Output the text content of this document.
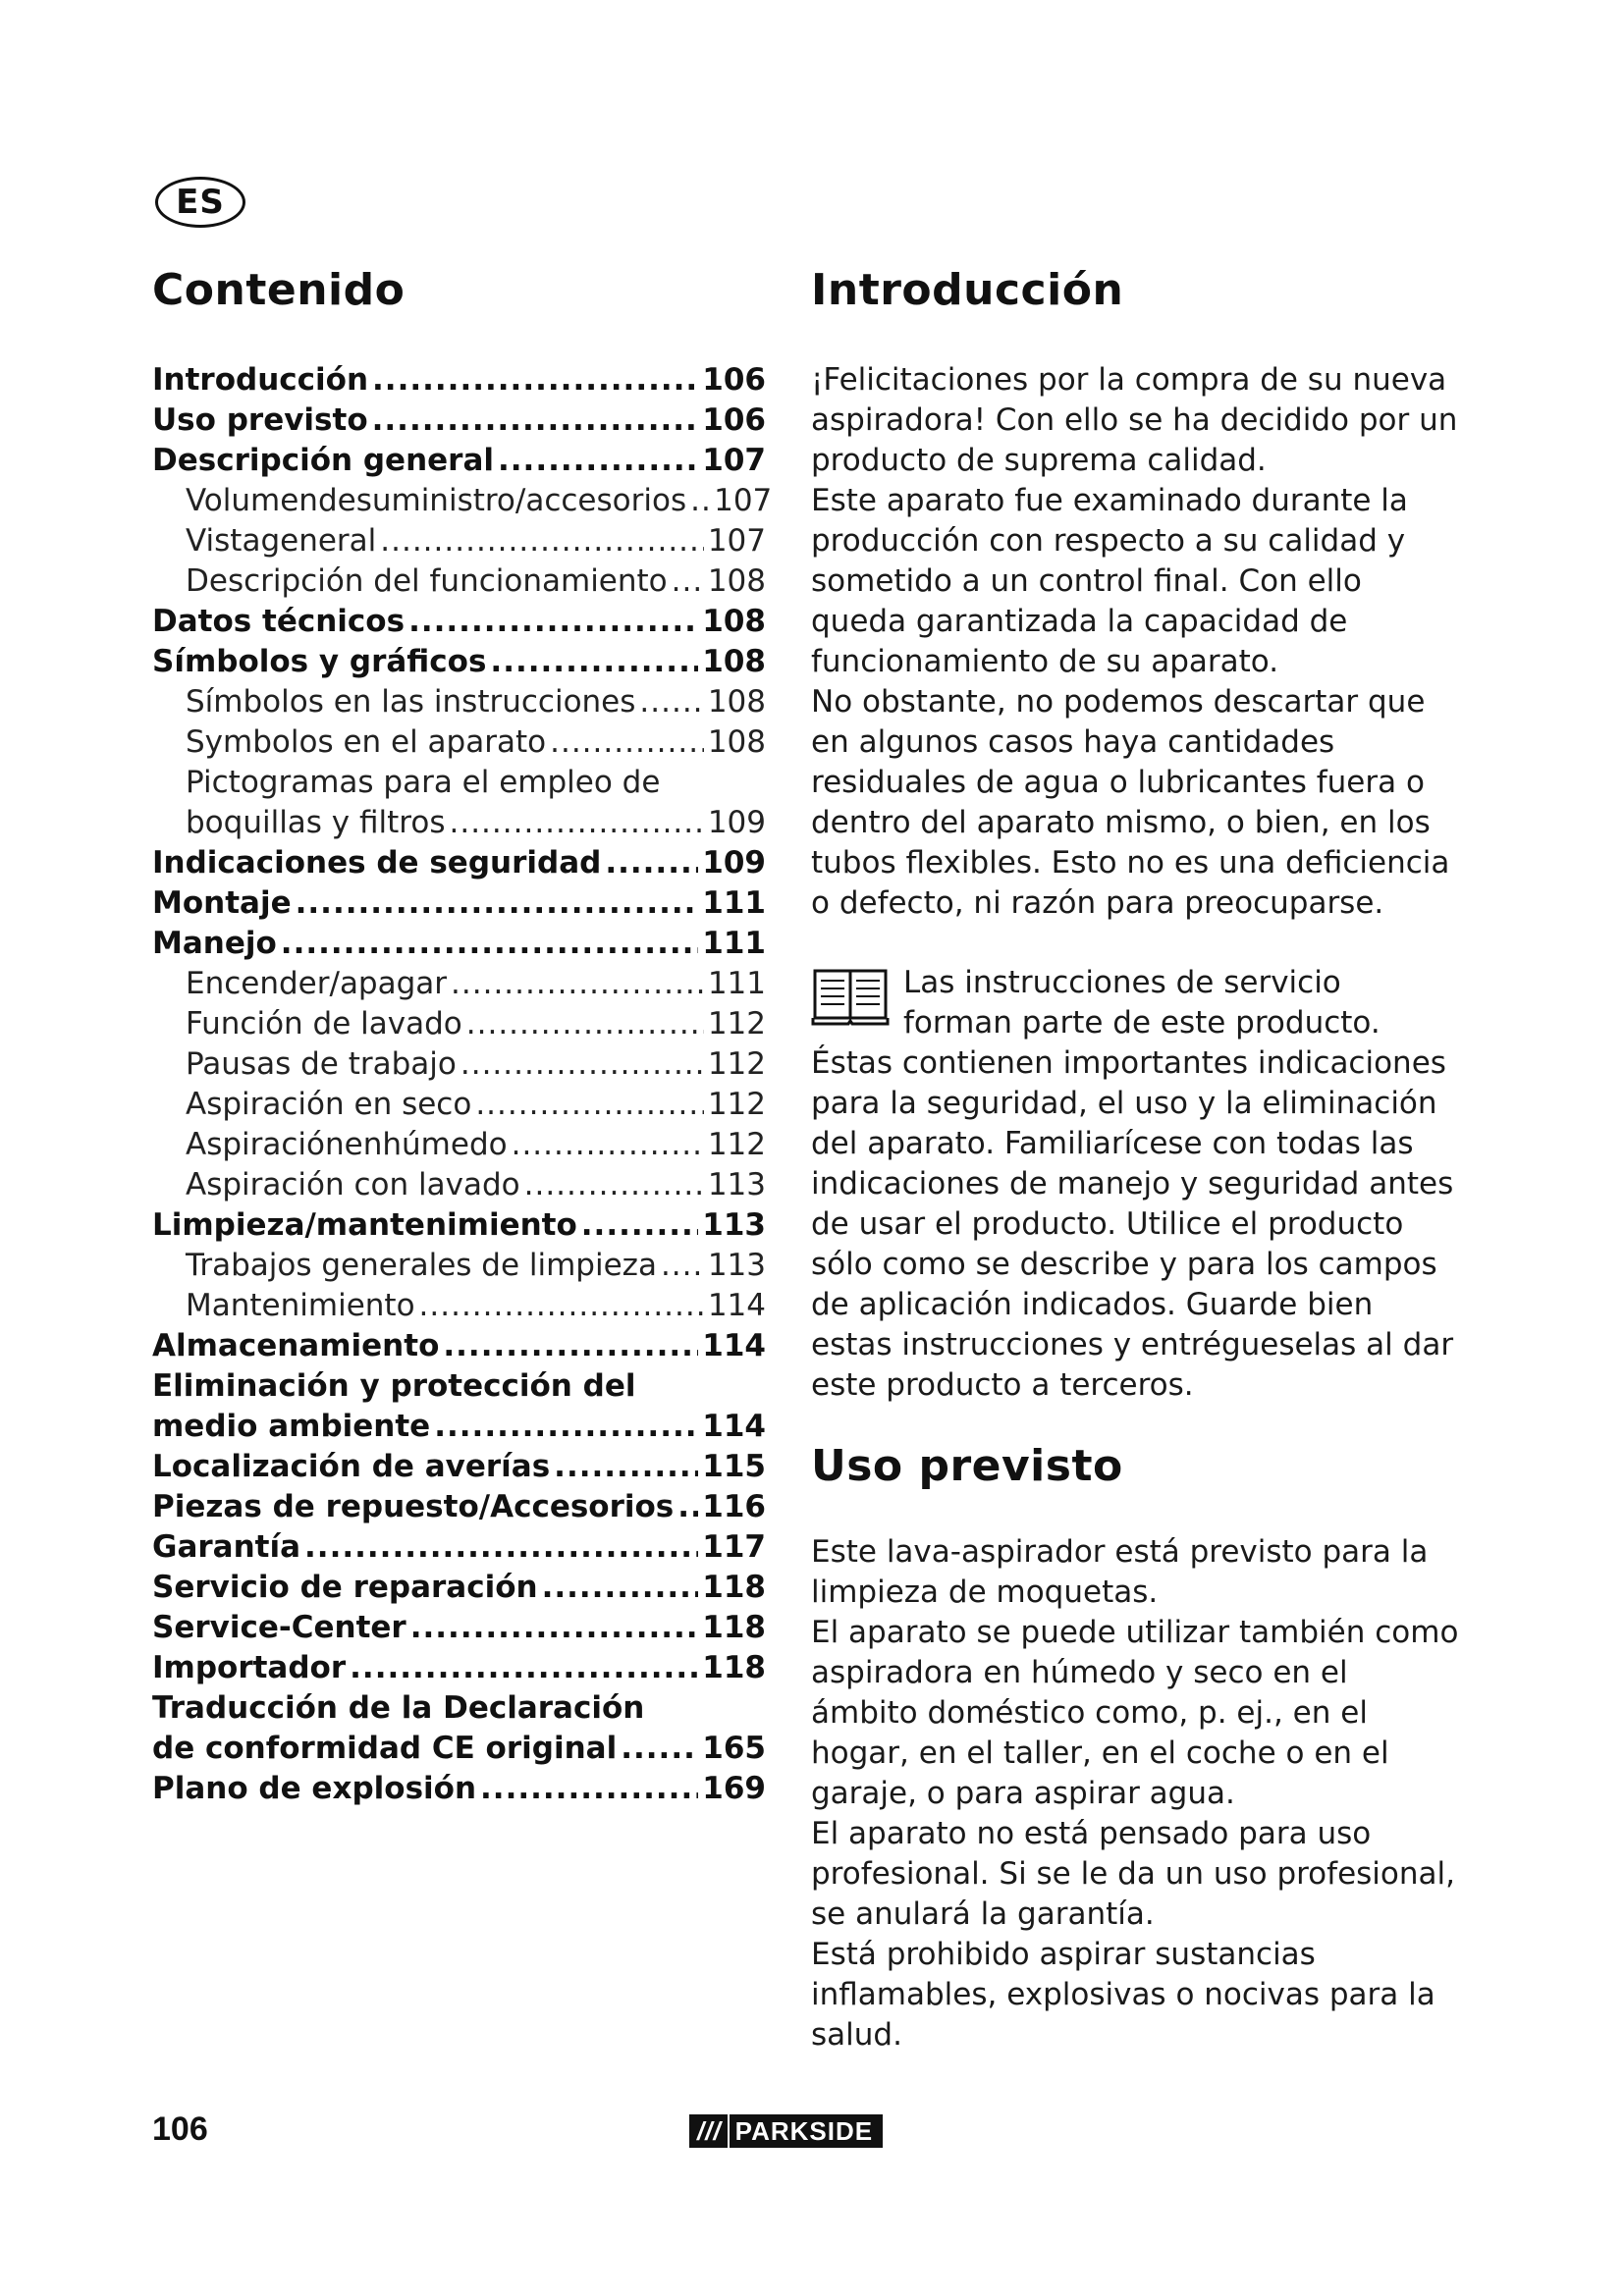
ES
Contenido
Introducción .....	106
Uso previsto .....	106
Descripción general .....	107
Volumendesuministro/accesorios ..... 107
Vistageneral .....	107
Descripción del funcionamiento ..... 108
Datos técnicos .....	108
Símbolos y gráficos .....	108
Símbolos en las instrucciones ..... 108
Symbolos en el aparato .....	108
Pictogramas para el empleo de
boquillas y filtros .....	109
Indicaciones de seguridad .....	109
Montaje .....	111
Manejo .....	111
Encender/apagar .....	111
Función de lavado .....	112
Pausas de trabajo .....	112
Aspiración en seco .....	112
Aspiraciónenhúmedo .....	112
Aspiración con lavado .....	113
Limpieza/mantenimiento .....	113
Trabajos generales de limpieza ..... 113
Mantenimiento .....	114
Almacenamiento .....	114
Eliminación y protección del
medio ambiente .....	114
Localización de averías .....	115
Piezas de repuesto/Accesorios ..... 116
Garantía .....	117
Servicio de reparación .....	118
Service-Center .....	118
Importador .....	118
Traducción de la Declaración
de conformidad CE original .....	165
Plano de explosión .....	169
Introducción

¡Felicitaciones por la compra de su nueva aspiradora! Con ello se ha decidido por un producto de suprema calidad.

Este aparato fue examinado durante la producción con respecto a su calidad y sometido a un control final. Con ello queda garantizada la capacidad de funcionamiento de su aparato.

No obstante, no podemos descartar que en algunos casos haya cantidades residuales de agua o lubricantes fuera o dentro del aparato mismo, o bien, en los tubos flexibles. Esto no es una deficiencia o defecto, ni razón para preocuparse.

Las instrucciones de servicio forman parte de este producto. Éstas contienen importantes indicaciones para la seguridad, el uso y la eliminación del aparato. Familiarícese con todas las indicaciones de manejo y seguridad antes de usar el producto. Utilice el producto sólo como se describe y para los campos de aplicación indicados. Guarde bien estas instrucciones y entrégueselas al dar este producto a terceros.

Uso previsto

Este lava-aspirador está previsto para la limpieza de moquetas.

El aparato se puede utilizar también como aspiradora en húmedo y seco en el ámbito doméstico como, p. ej., en el hogar, en el taller, en el coche o en el garaje, o para aspirar agua.

El aparato no está pensado para uso profesional. Si se le da un uso profesional, se anulará la garantía.

Está prohibido aspirar sustancias inflamables, explosivas o nocivas para la salud.

106	/// PARKSIDE
